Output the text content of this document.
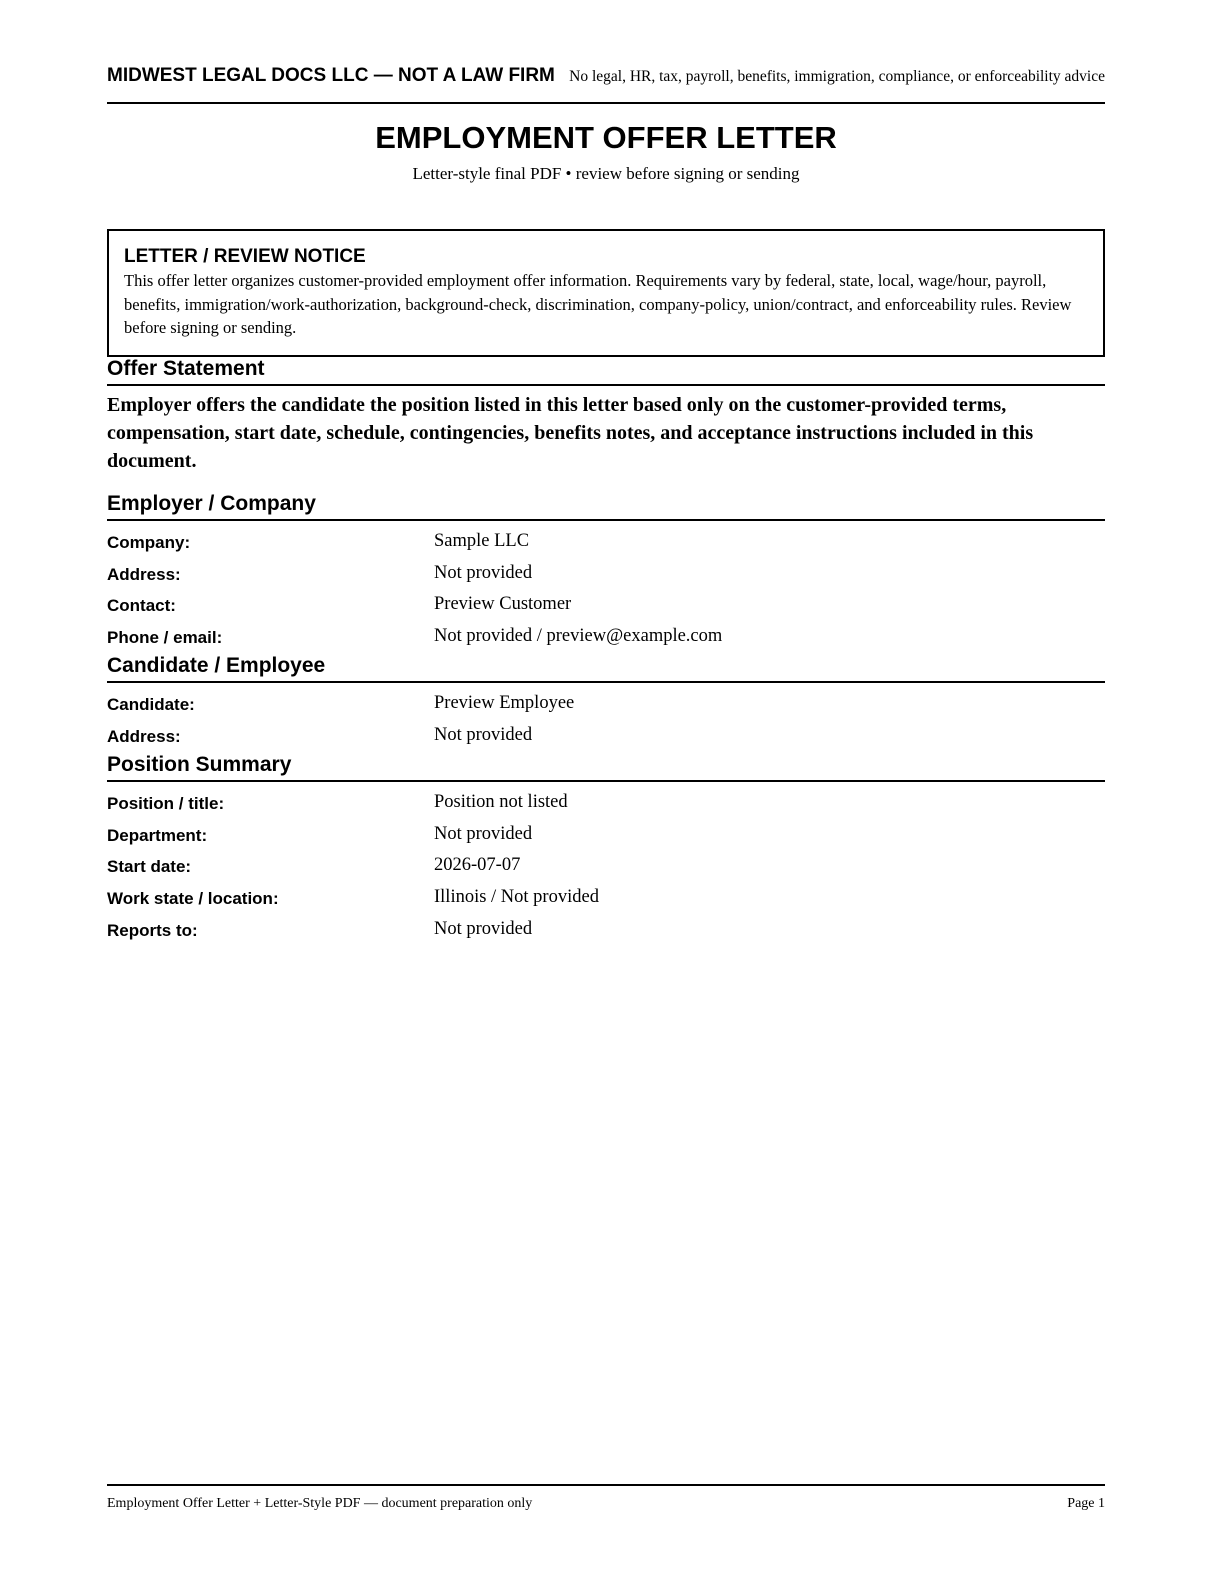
MIDWEST LEGAL DOCS LLC — NOT A LAW FIRM No legal, HR, tax, payroll, benefits, immigration, compliance, or enforceability advice
EMPLOYMENT OFFER LETTER
Letter-style final PDF • review before signing or sending
LETTER / REVIEW NOTICE
This offer letter organizes customer-provided employment offer information. Requirements vary by federal, state, local, wage/hour, payroll, benefits, immigration/work-authorization, background-check, discrimination, company-policy, union/contract, and enforceability rules. Review before signing or sending.
Offer Statement
Employer offers the candidate the position listed in this letter based only on the customer-provided terms, compensation, start date, schedule, contingencies, benefits notes, and acceptance instructions included in this document.
Employer / Company
Company:	Sample LLC
Address:	Not provided
Contact:	Preview Customer
Phone / email:	Not provided / preview@example.com
Candidate / Employee
Candidate:	Preview Employee
Address:	Not provided
Position Summary
Position / title:	Position not listed
Department:	Not provided
Start date:	2026-07-07
Work state / location:	Illinois / Not provided
Reports to:	Not provided
Employment Offer Letter + Letter-Style PDF — document preparation only	Page 1
